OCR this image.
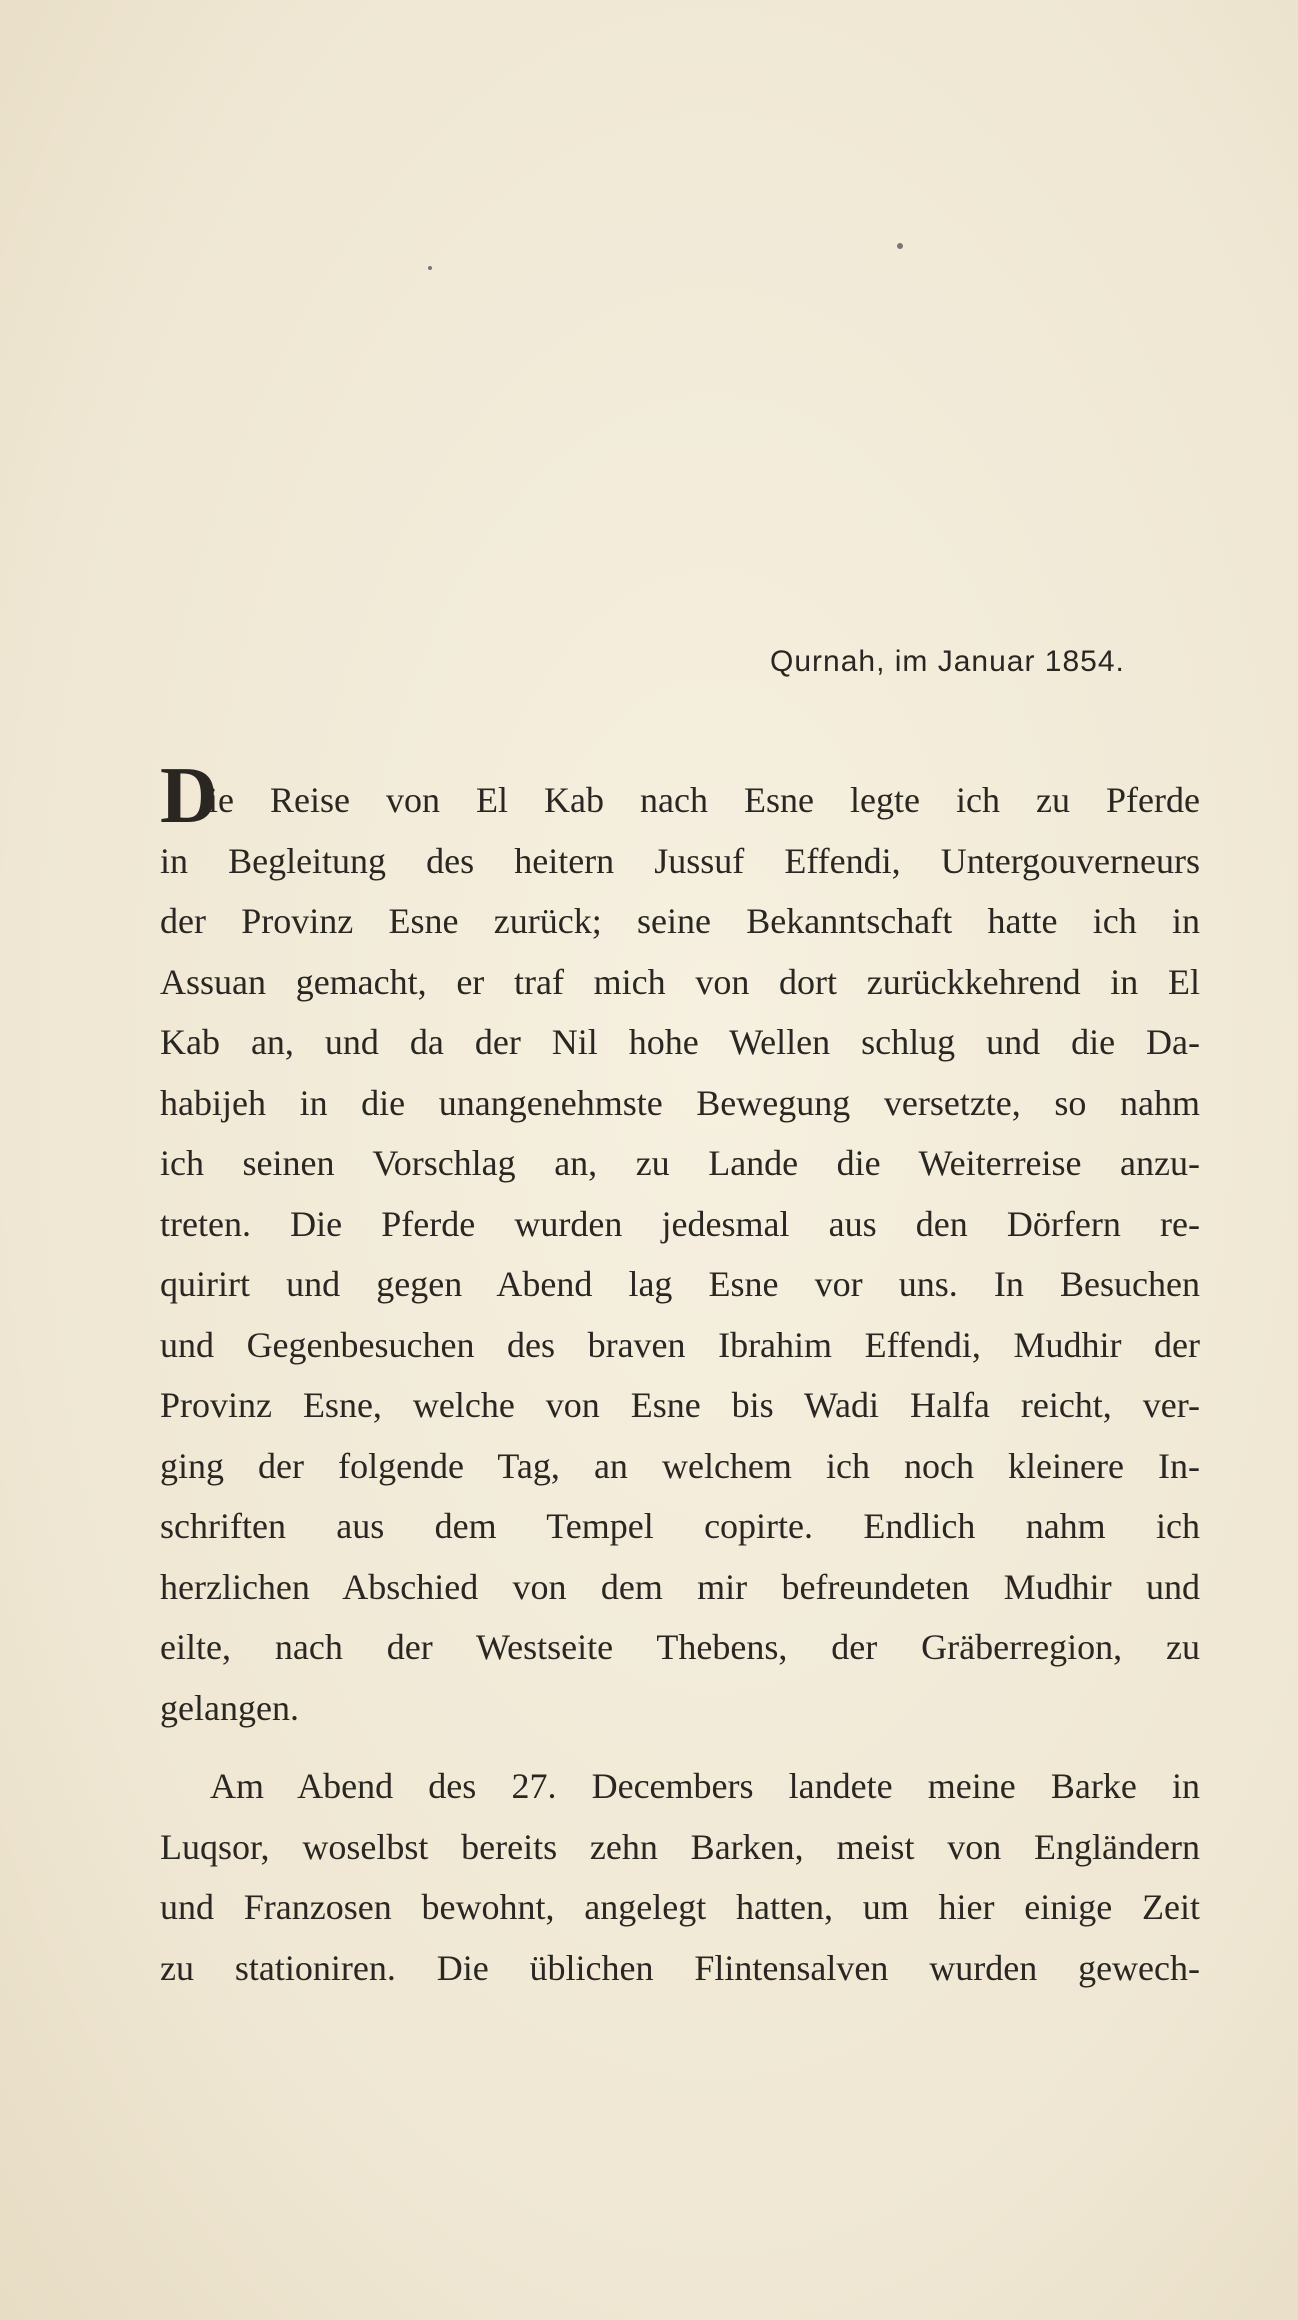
Qurnah, im Januar 1854.
D
ie Reise von El Kab nach Esne legte ich zu Pferde
in Begleitung des heitern Jussuf Effendi, Untergouverneurs
der Provinz Esne zurück; seine Bekanntschaft hatte ich in
Assuan gemacht, er traf mich von dort zurückkehrend in El
Kab an, und da der Nil hohe Wellen schlug und die Da-
habijeh in die unangenehmste Bewegung versetzte, so nahm
ich seinen Vorschlag an, zu Lande die Weiterreise anzu-
treten. Die Pferde wurden jedesmal aus den Dörfern re-
quirirt und gegen Abend lag Esne vor uns. In Besuchen
und Gegenbesuchen des braven Ibrahim Effendi, Mudhir der
Provinz Esne, welche von Esne bis Wadi Halfa reicht, ver-
ging der folgende Tag, an welchem ich noch kleinere In-
schriften aus dem Tempel copirte. Endlich nahm ich
herzlichen Abschied von dem mir befreundeten Mudhir und
eilte, nach der Westseite Thebens, der Gräberregion, zu
gelangen.
Am Abend des 27. Decembers landete meine Barke in
Luqsor, woselbst bereits zehn Barken, meist von Engländern
und Franzosen bewohnt, angelegt hatten, um hier einige Zeit
zu stationiren. Die üblichen Flintensalven wurden gewech-
